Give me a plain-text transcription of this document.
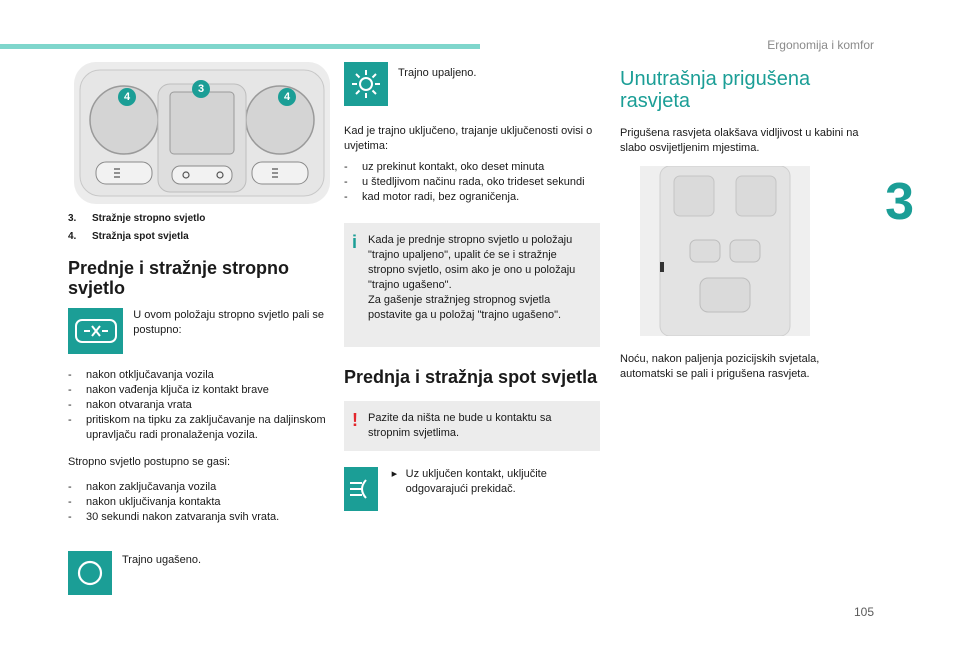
Ergonomija i komfor
3
105
4
3
4
3. Stražnje stropno svjetlo
4. Stražnja spot svjetla
Prednje i stražnje stropno svjetlo
U ovom položaju stropno svjetlo pali se postupno:
- nakon otključavanja vozila
- nakon vađenja ključa iz kontakt brave
- nakon otvaranja vrata
- pritiskom na tipku za zaključavanje na daljinskom upravljaču radi pronalaženja vozila.
Stropno svjetlo postupno se gasi:
- nakon zaključavanja vozila
- nakon uključivanja kontakta
- 30 sekundi nakon zatvaranja svih vrata.
Trajno ugašeno.
Trajno upaljeno.
Kad je trajno uključeno, trajanje uključenosti ovisi o uvjetima:
- uz prekinut kontakt, oko deset minuta
- u štedljivom načinu rada, oko trideset sekundi
- kad motor radi, bez ograničenja.
i Kada je prednje stropno svjetlo u položaju "trajno upaljeno", upalit će se i stražnje stropno svjetlo, osim ako je ono u položaju "trajno ugašeno".
Za gašenje stražnjeg stropnog svjetla postavite ga u položaj "trajno ugašeno".
Prednja i stražnja spot svjetla
! Pazite da ništa ne bude u kontaktu sa stropnim svjetlima.
▸ Uz uključen kontakt, uključite odgovarajući prekidač.
Unutrašnja prigušena rasvjeta
Prigušena rasvjeta olakšava vidljivost u kabini na slabo osvijetljenim mjestima.
Noću, nakon paljenja pozicijskih svjetala, automatski se pali i prigušena rasvjeta.
